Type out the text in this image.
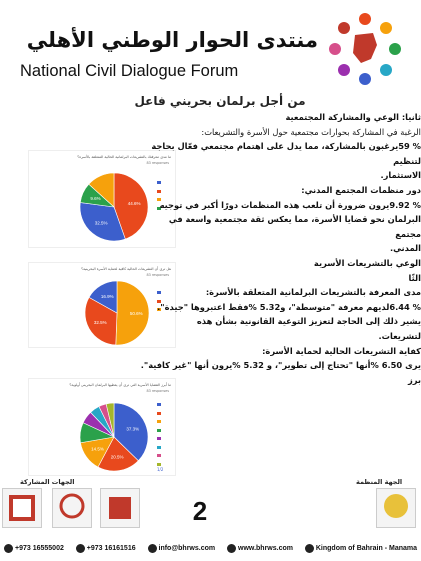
منتدى الحوار الوطني الأهلي
National Civil Dialogue Forum
من أجل برلمان بحريني فاعل
ما مدى معرفتك بالتشريعات البرلمانية الحالية المتعلقة بالأسرة؟
83 responses
44.6%
32.5%
9.6%
هل ترى أن التشريعات الحالية كافية لحماية الأسرة البحرينية؟
83 responses
50.6%
32.5%
16.9%
ما أبرز القضايا الأسرية التي ترى أن يعطيها البرلمان البحريني أولوية؟
83 responses
37.3%
20.5%
14.5%
1/2
ثانيا: الوعي والمشاركة المجتمعية
الرغبة في المشاركة بحوارات مجتمعية حول الأسرة والتشريعات:
% 59يرغبون بالمشاركة، مما يدل على اهتمام مجتمعي فعّال بحاجة
لتنظيم
الاستثمار.
دور منظمات المجتمع المدني:
% 9.92يرون ضرورة أن تلعب هذه المنظمات دورًا أكبر في توجيه
البرلمان نحو قضايا الأسرة، مما يعكس ثقة مجتمعية واسعة في
مجتمع
المدني.
الوعي بالتشريعات الأسرية
الثًا
مدى المعرفة بالتشريعات البرلمانية المتعلقة بالأسرة:
% 6.44لديهم معرفة "متوسطة"، و5.32 %فقط اعتبروها "جيدة".
يشير ذلك إلى الحاجة لتعزيز التوعية القانونية بشأن هذه
لتشريعات.
كفاية التشريعات الحالية لحماية الأسرة:
يرى 6.50 %أنها "تحتاج إلى تطوير"، و 5.32 %يرون أنها "غير كافية".
برز
الجهات المشاركة	الجهة المنظمة
2
+973 16555002	+973 16161516	info@bhrws.com	www.bhrws.com	Kingdom of Bahrain - Manama
